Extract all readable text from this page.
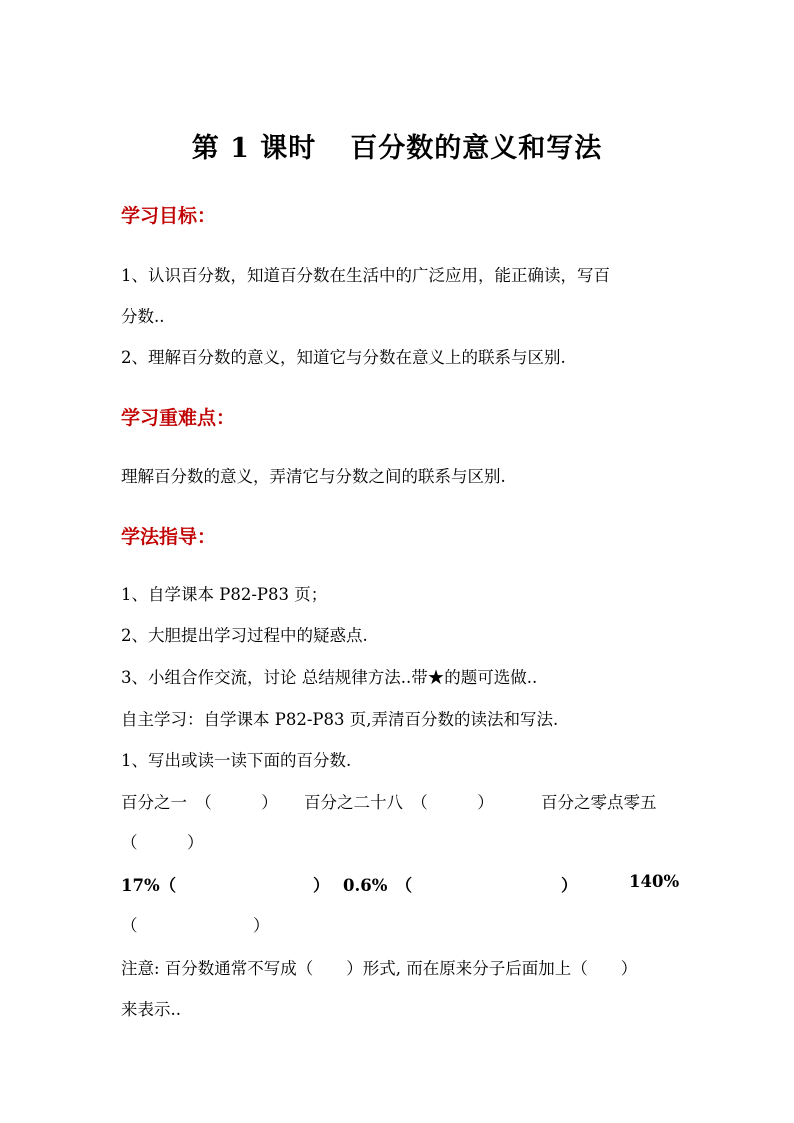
第 1 课时 百分数的意义和写法
学习目标：
1、认识百分数，知道百分数在生活中的广泛应用，能正确读，写百
分数..
2、理解百分数的意义，知道它与分数在意义上的联系与区别.
学习重难点：
理解百分数的意义，弄清它与分数之间的联系与区别.
学法指导：
1、自学课本 P82-P83 页；
2、大胆提出学习过程中的疑惑点.
3、小组合作交流，讨论 总结规律方法..带★的题可选做..
自主学习：自学课本 P82-P83 页,弄清百分数的读法和写法.
1、写出或读一读下面的百分数.
百分之一　（　　　） 百分之二十八　（　　　）	百分之零点零五
（　　　）
17%（	） 0.6%　（	）	140%
（　　　　　　　）
注意: 百分数通常不写成（　　）形式, 而在原来分子后面加上（　　）
来表示..
